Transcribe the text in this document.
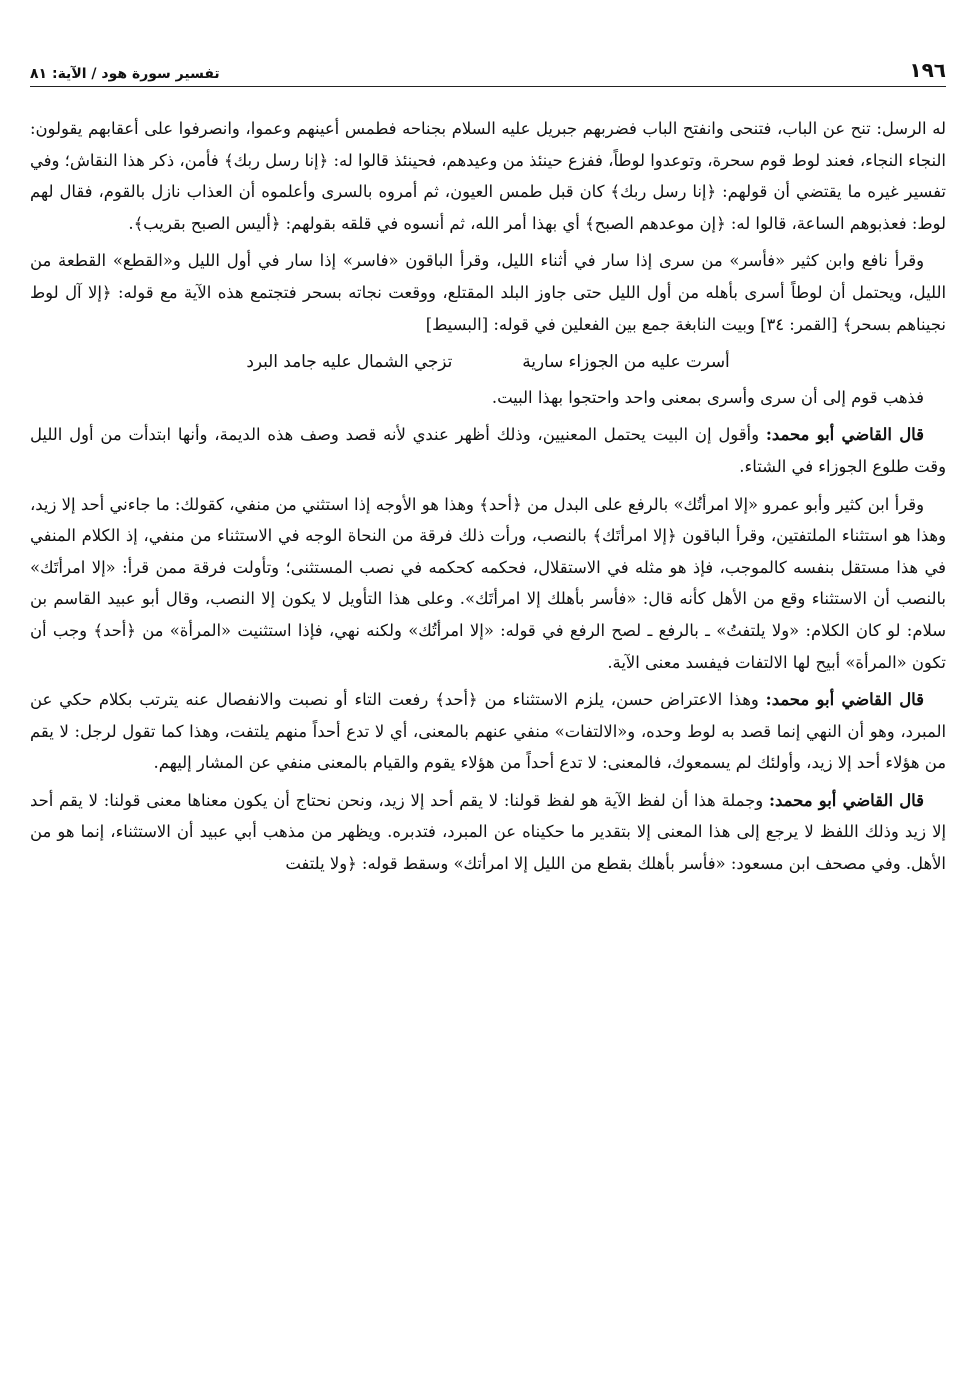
١٩٦
تفسير سورة هود / الآية: ٨١

له الرسل: تنح عن الباب، فتنحى وانفتح الباب فضربهم جبريل عليه السلام بجناحه فطمس أعينهم وعموا، وانصرفوا على أعقابهم يقولون: النجاء النجاء، فعند لوط قوم سحرة، وتوعدوا لوطاً، ففزع حينئذ من وعيدهم، فحينئذ قالوا له: ﴿إنا رسل ربك﴾ فأمن، ذكر هذا النقاش؛ وفي تفسير غيره ما يقتضي أن قولهم: ﴿إنا رسل ربك﴾ كان قبل طمس العيون، ثم أمروه بالسرى وأعلموه أن العذاب نازل بالقوم، فقال لهم لوط: فعذبوهم الساعة، قالوا له: ﴿إن موعدهم الصبح﴾ أي بهذا أمر الله، ثم أنسوه في قلقه بقولهم: ﴿أليس الصبح بقريب﴾.

وقرأ نافع وابن كثير «فأسر» من سرى إذا سار في أثناء الليل، وقرأ الباقون «فاسر» إذا سار في أول الليل و«القطع» القطعة من الليل، ويحتمل أن لوطاً أسرى بأهله من أول الليل حتى جاوز البلد المقتلع، ووقعت نجاته بسحر فتجتمع هذه الآية مع قوله: ﴿إلا آل لوط نجيناهم بسحر﴾ [القمر: ٣٤] وبيت النابغة جمع بين الفعلين في قوله: [البسيط]

أسرت عليه من الجوزاء سارية
تزجي الشمال عليه جامد البرد

فذهب قوم إلى أن سرى وأسرى بمعنى واحد واحتجوا بهذا البيت.

قال القاضي أبو محمد: وأقول إن البيت يحتمل المعنيين، وذلك أظهر عندي لأنه قصد وصف هذه الديمة، وأنها ابتدأت من أول الليل وقت طلوع الجوزاء في الشتاء.

وقرأ ابن كثير وأبو عمرو «إلا امرأتُك» بالرفع على البدل من ﴿أحد﴾ وهذا هو الأوجه إذا استثني من منفي، كقولك: ما جاءني أحد إلا زيد، وهذا هو استثناء الملتفتين، وقرأ الباقون ﴿إلا امرأتَك﴾ بالنصب، ورأت ذلك فرقة من النحاة الوجه في الاستثناء من منفي، إذ الكلام المنفي في هذا مستقل بنفسه كالموجب، فإذ هو مثله في الاستقلال، فحكمه كحكمه في نصب المستثنى؛ وتأولت فرقة ممن قرأ: «إلا امرأتَك» بالنصب أن الاستثناء وقع من الأهل كأنه قال: «فأسر بأهلك إلا امرأتَك». وعلى هذا التأويل لا يكون إلا النصب، وقال أبو عبيد القاسم بن سلام: لو كان الكلام: «ولا يلتفتُ» ـ بالرفع ـ لصح الرفع في قوله: «إلا امرأتُك» ولكنه نهي، فإذا استثنيت «المرأة» من ﴿أحد﴾ وجب أن تكون «المرأة» أبيح لها الالتفات فيفسد معنى الآية.

قال القاضي أبو محمد: وهذا الاعتراض حسن، يلزم الاستثناء من ﴿أحد﴾ رفعت التاء أو نصبت والانفصال عنه يترتب بكلام حكي عن المبرد، وهو أن النهي إنما قصد به لوط وحده، و«الالتفات» منفي عنهم بالمعنى، أي لا تدع أحداً منهم يلتفت، وهذا كما تقول لرجل: لا يقم من هؤلاء أحد إلا زيد، وأولئك لم يسمعوك، فالمعنى: لا تدع أحداً من هؤلاء يقوم والقيام بالمعنى منفي عن المشار إليهم.

قال القاضي أبو محمد: وجملة هذا أن لفظ الآية هو لفظ قولنا: لا يقم أحد إلا زيد، ونحن نحتاج أن يكون معناها معنى قولنا: لا يقم أحد إلا زيد وذلك اللفظ لا يرجع إلى هذا المعنى إلا بتقدير ما حكيناه عن المبرد، فتدبره. ويظهر من مذهب أبي عبيد أن الاستثناء، إنما هو من الأهل. وفي مصحف ابن مسعود: «فأسر بأهلك بقطع من الليل إلا امرأتك» وسقط قوله: ﴿ولا يلتفت
